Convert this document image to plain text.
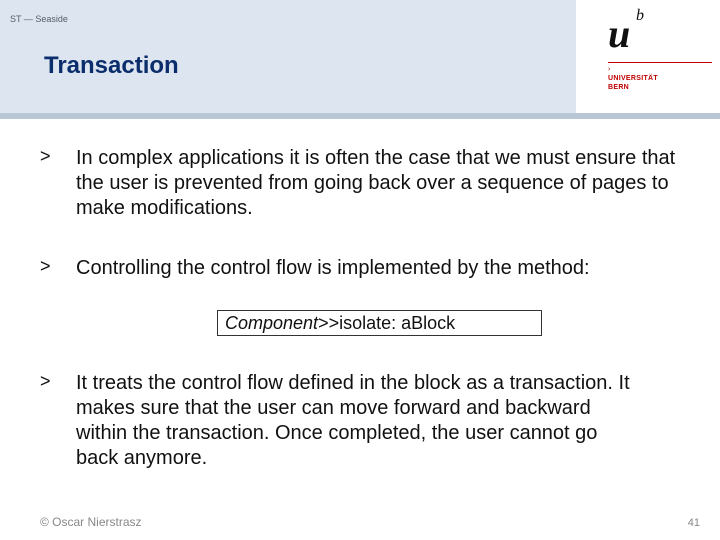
ST — Seaside
Transaction
u b
›
UNIVERSITÄT
BERN
> In complex applications it is often the case that we must ensure that the user is prevented from going back over a sequence of pages to make modifications.
> Controlling the control flow is implemented by the method:
Component>>isolate: aBlock
> It treats the control flow defined in the block as a transaction. It makes sure that the user can move forward and backward within the transaction. Once completed, the user cannot go back anymore.
© Oscar Nierstrasz	41
